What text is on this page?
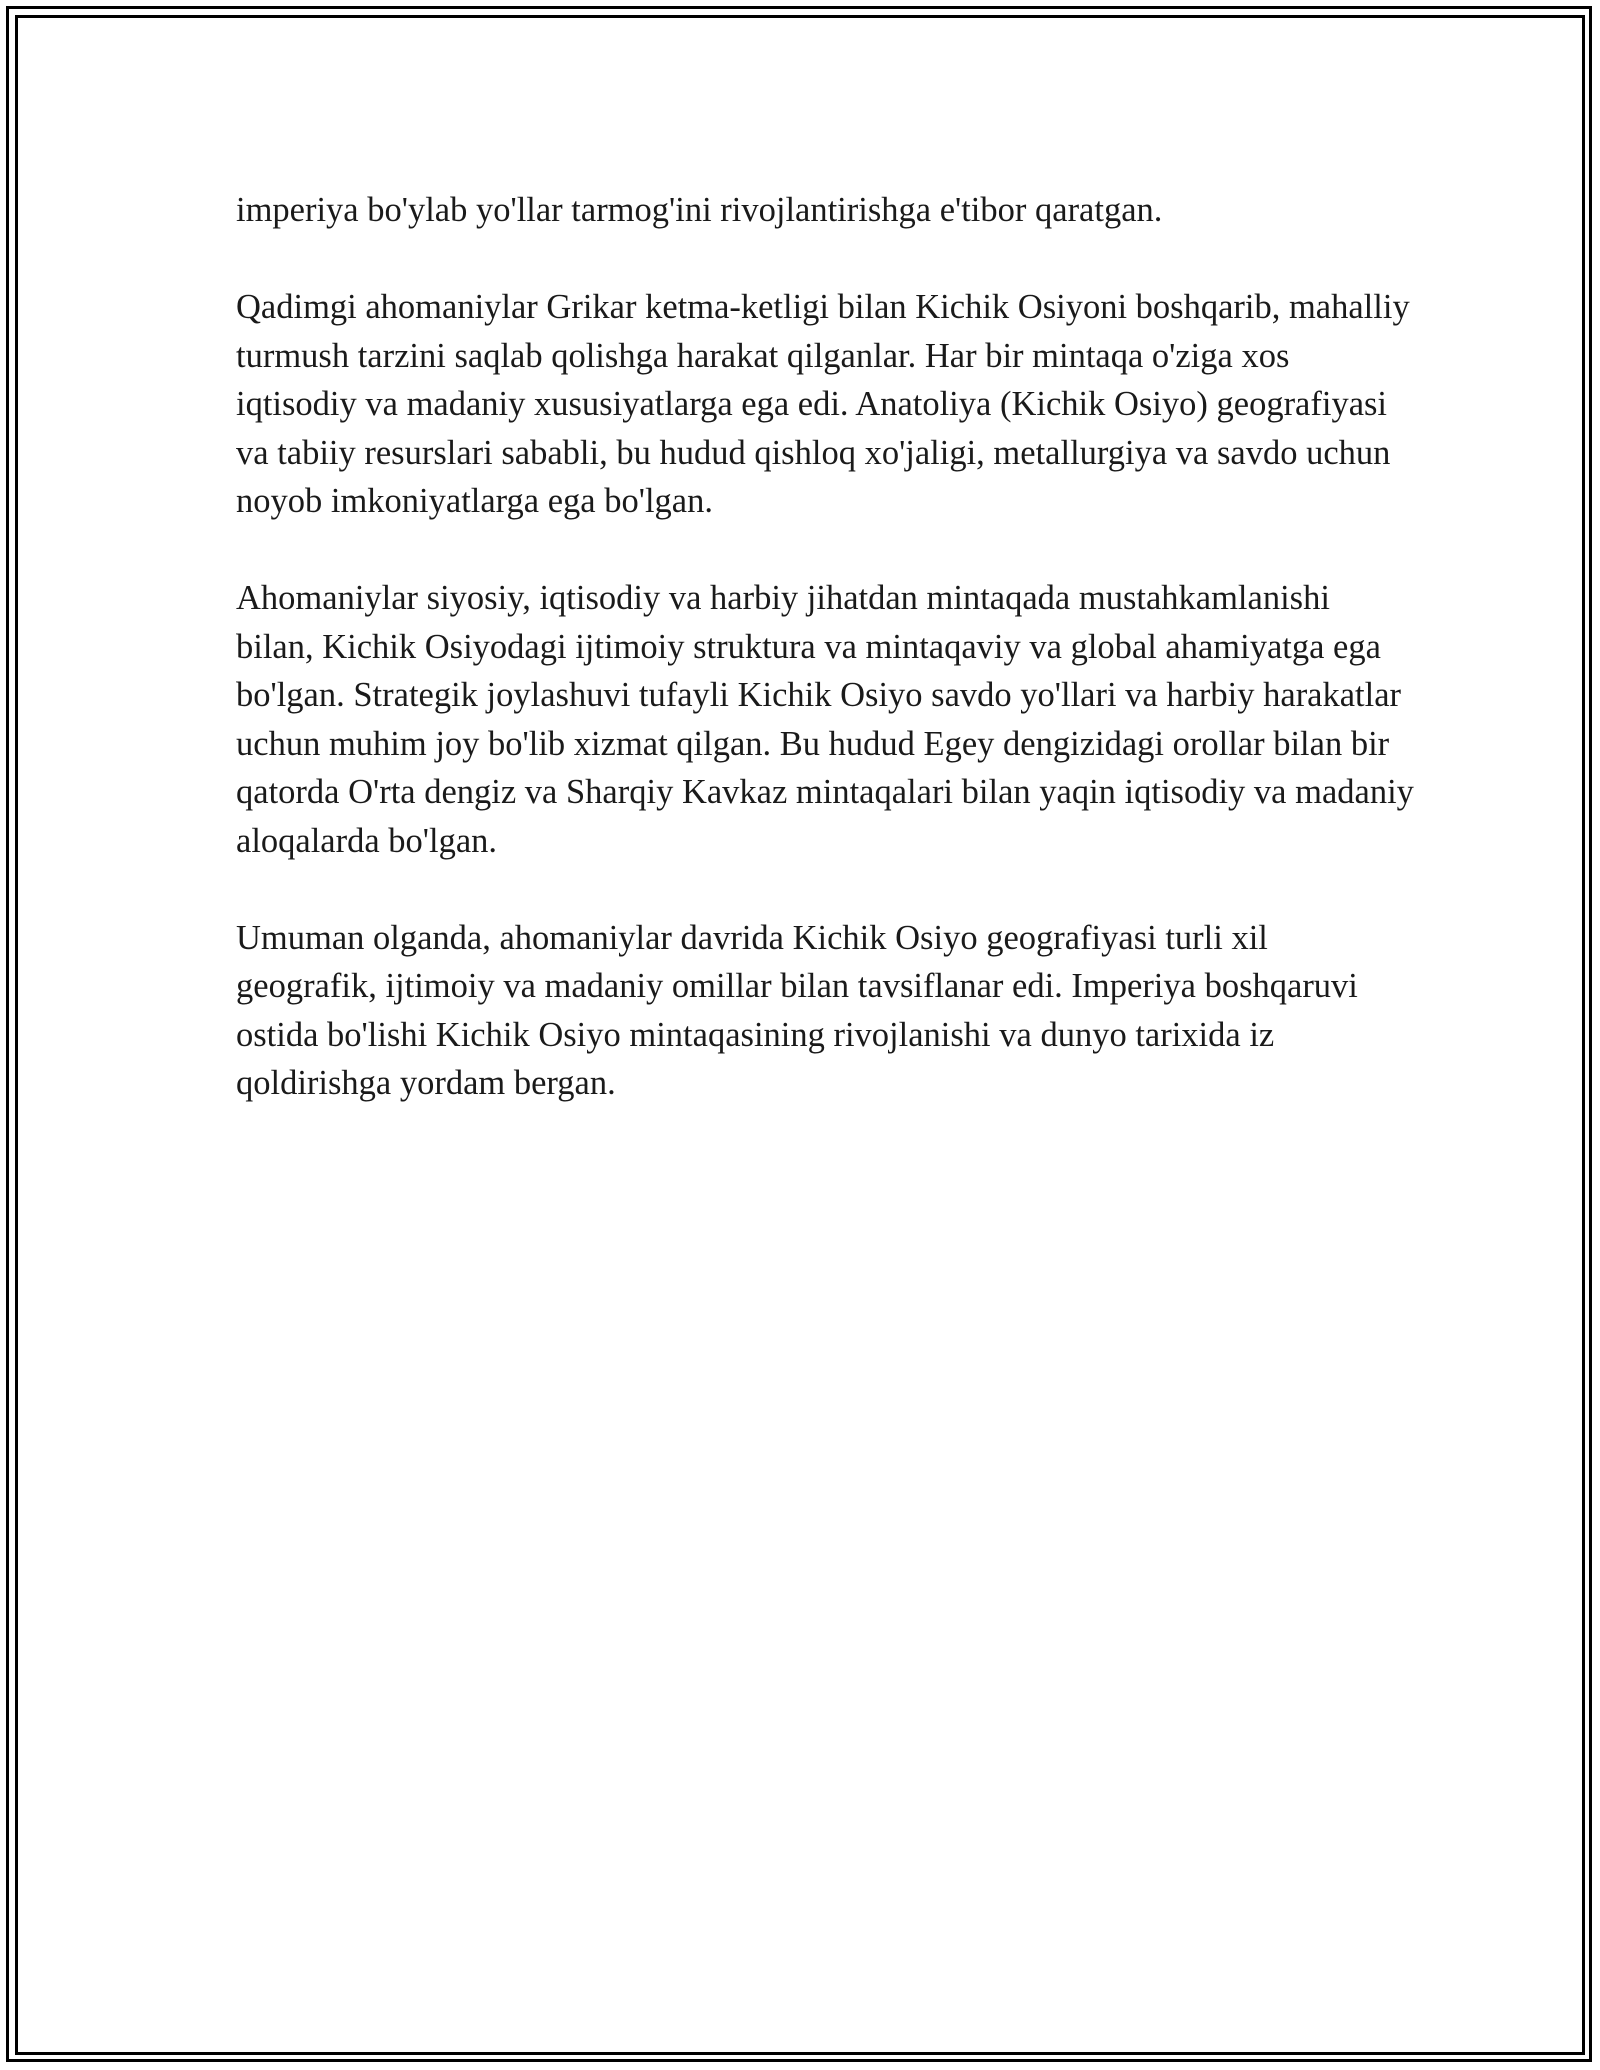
imperiya bo'ylab yo'llar tarmog'ini rivojlantirishga e'tibor qaratgan.

Qadimgi ahomaniylar Grikar ketma-ketligi bilan Kichik Osiyoni boshqarib, mahalliy turmush tarzini saqlab qolishga harakat qilganlar. Har bir mintaqa o'ziga xos iqtisodiy va madaniy xususiyatlarga ega edi. Anatoliya (Kichik Osiyo) geografiyasi va tabiiy resurslari sababli, bu hudud qishloq xo'jaligi, metallurgiya va savdo uchun noyob imkoniyatlarga ega bo'lgan.

Ahomaniylar siyosiy, iqtisodiy va harbiy jihatdan mintaqada mustahkamlanishi bilan, Kichik Osiyodagi ijtimoiy struktura va mintaqaviy va global ahamiyatga ega bo'lgan. Strategik joylashuvi tufayli Kichik Osiyo savdo yo'llari va harbiy harakatlar uchun muhim joy bo'lib xizmat qilgan. Bu hudud Egey dengizidagi orollar bilan bir qatorda O'rta dengiz va Sharqiy Kavkaz mintaqalari bilan yaqin iqtisodiy va madaniy aloqalarda bo'lgan.

Umuman olganda, ahomaniylar davrida Kichik Osiyo geografiyasi turli xil geografik, ijtimoiy va madaniy omillar bilan tavsiflanar edi. Imperiya boshqaruvi ostida bo'lishi Kichik Osiyo mintaqasining rivojlanishi va dunyo tarixida iz qoldirishga yordam bergan.
